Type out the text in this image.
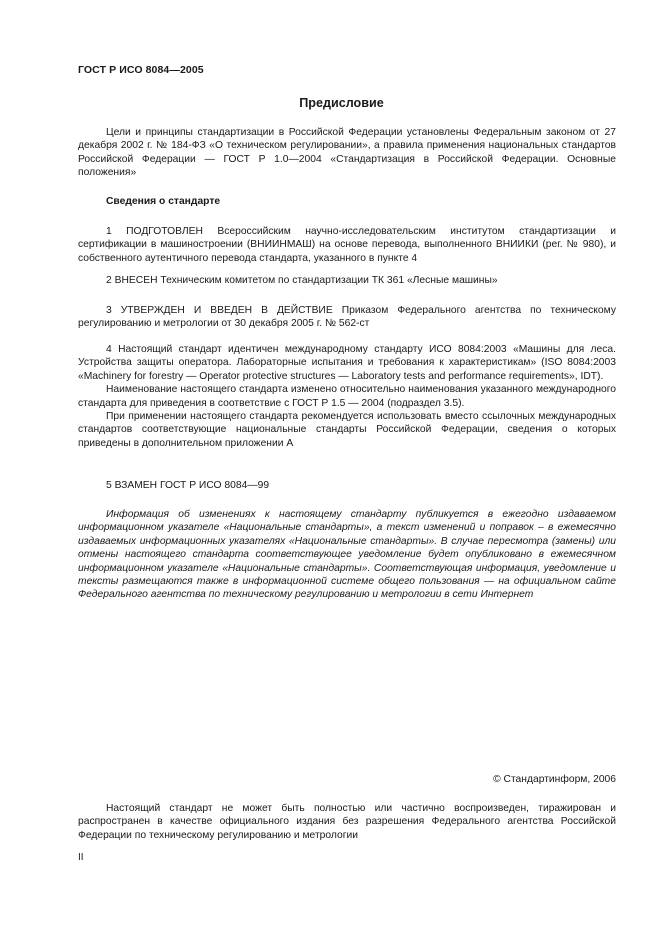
ГОСТ Р ИСО 8084—2005
Предисловие

Цели и принципы стандартизации в Российской Федерации установлены Федеральным законом от 27 декабря 2002 г. № 184-ФЗ «О техническом регулировании», а правила применения национальных стандартов Российской Федерации — ГОСТ Р 1.0—2004 «Стандартизация в Российской Федерации. Основные положения»

Сведения о стандарте

1 ПОДГОТОВЛЕН Всероссийским научно-исследовательским институтом стандартизации и сертификации в машиностроении (ВНИИНМАШ) на основе перевода, выполненного ВНИИКИ (рег. № 980), и собственного аутентичного перевода стандарта, указанного в пункте 4

2 ВНЕСЕН Техническим комитетом по стандартизации ТК 361 «Лесные машины»

3 УТВЕРЖДЕН И ВВЕДЕН В ДЕЙСТВИЕ Приказом Федерального агентства по техническому регулированию и метрологии от 30 декабря 2005 г. № 562-ст

4 Настоящий стандарт идентичен международному стандарту ИСО 8084:2003 «Машины для леса. Устройства защиты оператора. Лабораторные испытания и требования к характеристикам» (ISO 8084:2003 «Machinery for forestry — Operator protective structures — Laboratory tests and performance requirements», IDT).

Наименование настоящего стандарта изменено относительно наименования указанного международного стандарта для приведения в соответствие с ГОСТ Р 1.5 — 2004 (подраздел 3.5).

При применении настоящего стандарта рекомендуется использовать вместо ссылочных международных стандартов соответствующие национальные стандарты Российской Федерации, сведения о которых приведены в дополнительном приложении А

5 ВЗАМЕН ГОСТ Р ИСО 8084—99

Информация об изменениях к настоящему стандарту публикуется в ежегодно издаваемом информационном указателе «Национальные стандарты», а текст изменений и поправок – в ежемесячно издаваемых информационных указателях «Национальные стандарты». В случае пересмотра (замены) или отмены настоящего стандарта соответствующее уведомление будет опубликовано в ежемесячном информационном указателе «Национальные стандарты». Соответствующая информация, уведомление и тексты размещаются также в информационной системе общего пользования — на официальном сайте Федерального агентства по техническому регулированию и метрологии в сети Интернет

© Стандартинформ, 2006

Настоящий стандарт не может быть полностью или частично воспроизведен, тиражирован и распространен в качестве официального издания без разрешения Федерального агентства Российской Федерации по техническому регулированию и метрологии

II
